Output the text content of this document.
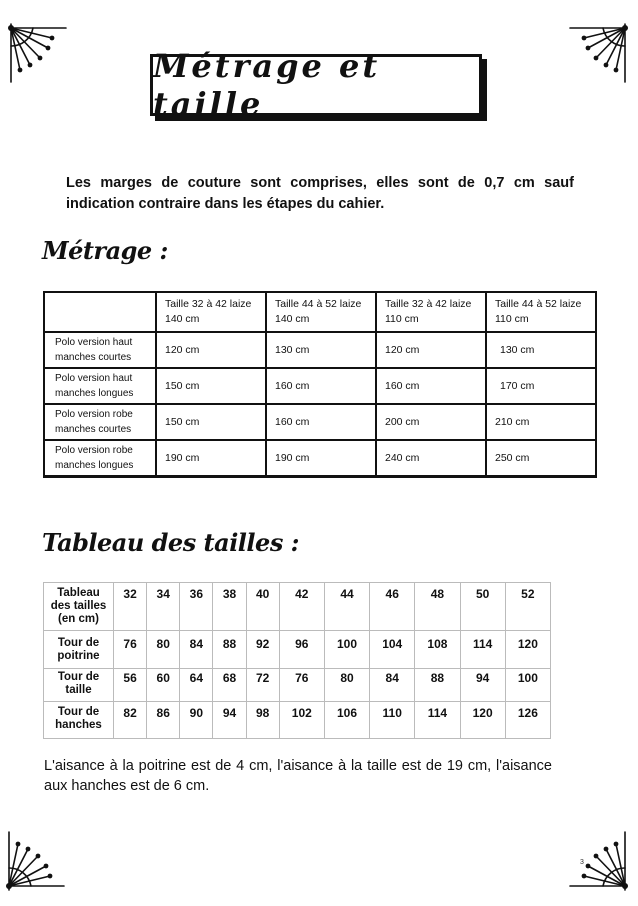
Métrage et taille

Les marges de couture sont comprises, elles sont de 0,7 cm sauf indication contraire dans les étapes du cahier.

Métrage :
	Taille 32 à 42 laize
140 cm	Taille 44 à 52 laize
140 cm	Taille 32 à 42 laize
110 cm	Taille 44 à 52 laize
110 cm
Polo version haut
manches courtes	120 cm	130 cm	120 cm	130 cm
Polo version haut
manches longues	150 cm	160 cm	160 cm	170 cm
Polo version robe
manches courtes	150 cm	160 cm	200 cm	210 cm
Polo version robe
manches longues	190 cm	190 cm	240 cm	250 cm
Tableau des tailles :
Tableau
des tailles
(en cm)	32	34	36	38	40	42	44	46	48	50	52
Tour de
poitrine	76	80	84	88	92	96	100	104	108	114	120
Tour de
taille	56	60	64	68	72	76	80	84	88	94	100
Tour de
hanches	82	86	90	94	98	102	106	110	114	120	126

L'aisance à la poitrine est de 4 cm, l'aisance à la taille est de 19 cm, l'aisance aux hanches est de 6 cm.

3
